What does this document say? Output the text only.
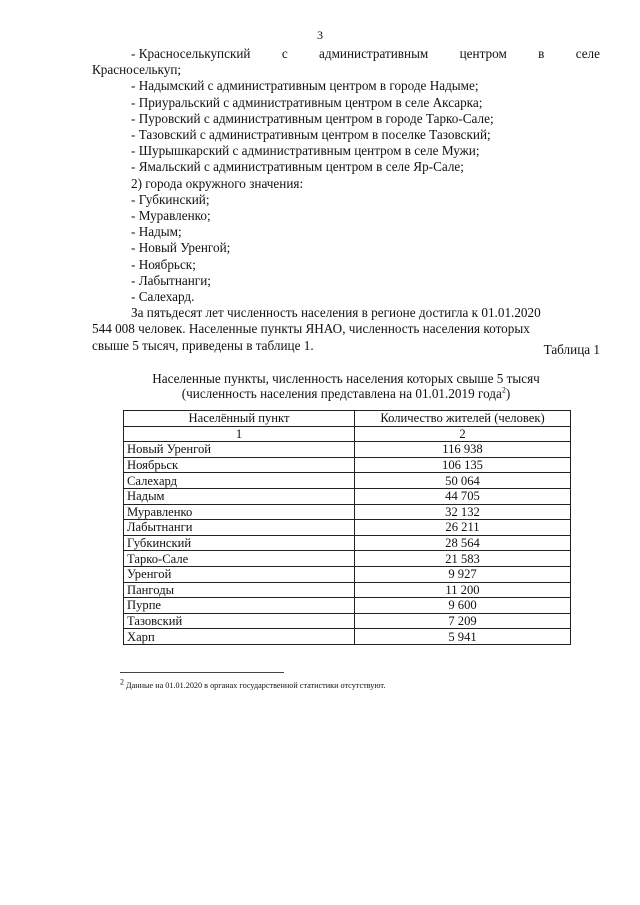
3
- Красноселькупский с административным центром в селе
Красноселькуп;
- Надымский с административным центром в городе Надыме;
- Приуральский с административным центром в селе Аксарка;
- Пуровский с административным центром в городе Тарко-Сале;
- Тазовский с административным центром в поселке Тазовский;
- Шурышкарский с административным центром в селе Мужи;
- Ямальский с административным центром в селе Яр-Сале;
2) города окружного значения:
- Губкинский;
- Муравленко;
- Надым;
- Новый Уренгой;
- Ноябрьск;
- Лабытнанги;
- Салехард.
За пятьдесят лет численность населения в регионе достигла к 01.01.2020
544 008 человек. Населенные пункты ЯНАО, численность населения которых
свыше 5 тысяч, приведены в таблице 1.	Таблица 1
Населенные пункты, численность населения которых свыше 5 тысяч
(численность населения представлена на 01.01.2019 года$^2$)
Населённый пункт	Количество жителей (человек)
1	2
Новый Уренгой	116 938
Ноябрьск	106 135
Салехард	50 064
Надым	44 705
Муравленко	32 132
Лабытнанги	26 211
Губкинский	28 564
Тарко-Сале	21 583
Уренгой	9 927
Пангоды	11 200
Пурпе	9 600
Тазовский	7 209
Харп	5 941
$^2$ Данные на 01.01.2020 в органах государственной статистики отсутствуют.
